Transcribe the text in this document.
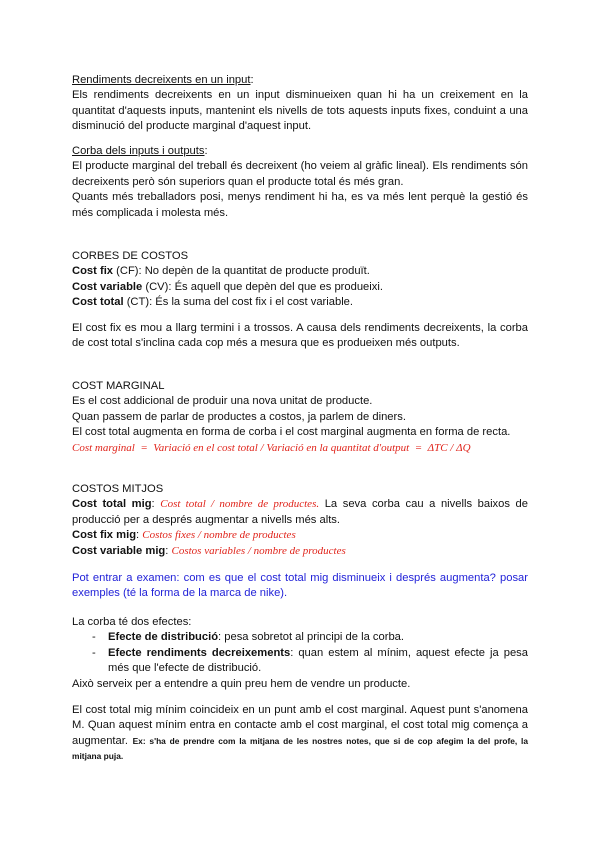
Rendiments decreixents en un input:

Els rendiments decreixents en un input disminueixen quan hi ha un creixement en la quantitat d'aquests inputs, mantenint els nivells de tots aquests inputs fixes, conduint a una disminució del producte marginal d'aquest input.

Corba dels inputs i outputs:

El producte marginal del treball és decreixent (ho veiem al gràfic lineal). Els rendiments són decreixents però són superiors quan el producte total és més gran.

Quants més treballadors posi, menys rendiment hi ha, es va més lent perquè la gestió és més complicada i molesta més.

CORBES DE COSTOS

Cost fix (CF): No depèn de la quantitat de producte produït.

Cost variable (CV): És aquell que depèn del que es produeixi.

Cost total (CT): És la suma del cost fix i el cost variable.

El cost fix es mou a llarg termini i a trossos. A causa dels rendiments decreixents, la corba de cost total s'inclina cada cop més a mesura que es produeixen més outputs.

COST MARGINAL

Es el cost addicional de produir una nova unitat de producte.

Quan passem de parlar de productes a costos, ja parlem de diners.

El cost total augmenta en forma de corba i el cost marginal augmenta en forma de recta.

Cost marginal  =  Variació en el cost total / Variació en la quantitat d'output  =  ΔTC / ΔQ

COSTOS MITJOS

Cost total mig: Cost total / nombre de productes. La seva corba cau a nivells baixos de producció per a després augmentar a nivells més alts.

Cost fix mig: Costos fixes / nombre de productes

Cost variable mig: Costos variables / nombre de productes

Pot entrar a examen: com es que el cost total mig disminueix i després augmenta? posar exemples (té la forma de la marca de nike).

La corba té dos efectes:

- Efecte de distribució: pesa sobretot al principi de la corba.
- Efecte rendiments decreixements: quan estem al mínim, aquest efecte ja pesa més que l'efecte de distribució.

Això serveix per a entendre a quin preu hem de vendre un producte.

El cost total mig mínim coincideix en un punt amb el cost marginal. Aquest punt s'anomena M. Quan aquest mínim entra en contacte amb el cost marginal, el cost total mig comença a augmentar. Ex: s'ha de prendre com la mitjana de les nostres notes, que si de cop afegim la del profe, la mitjana puja.
